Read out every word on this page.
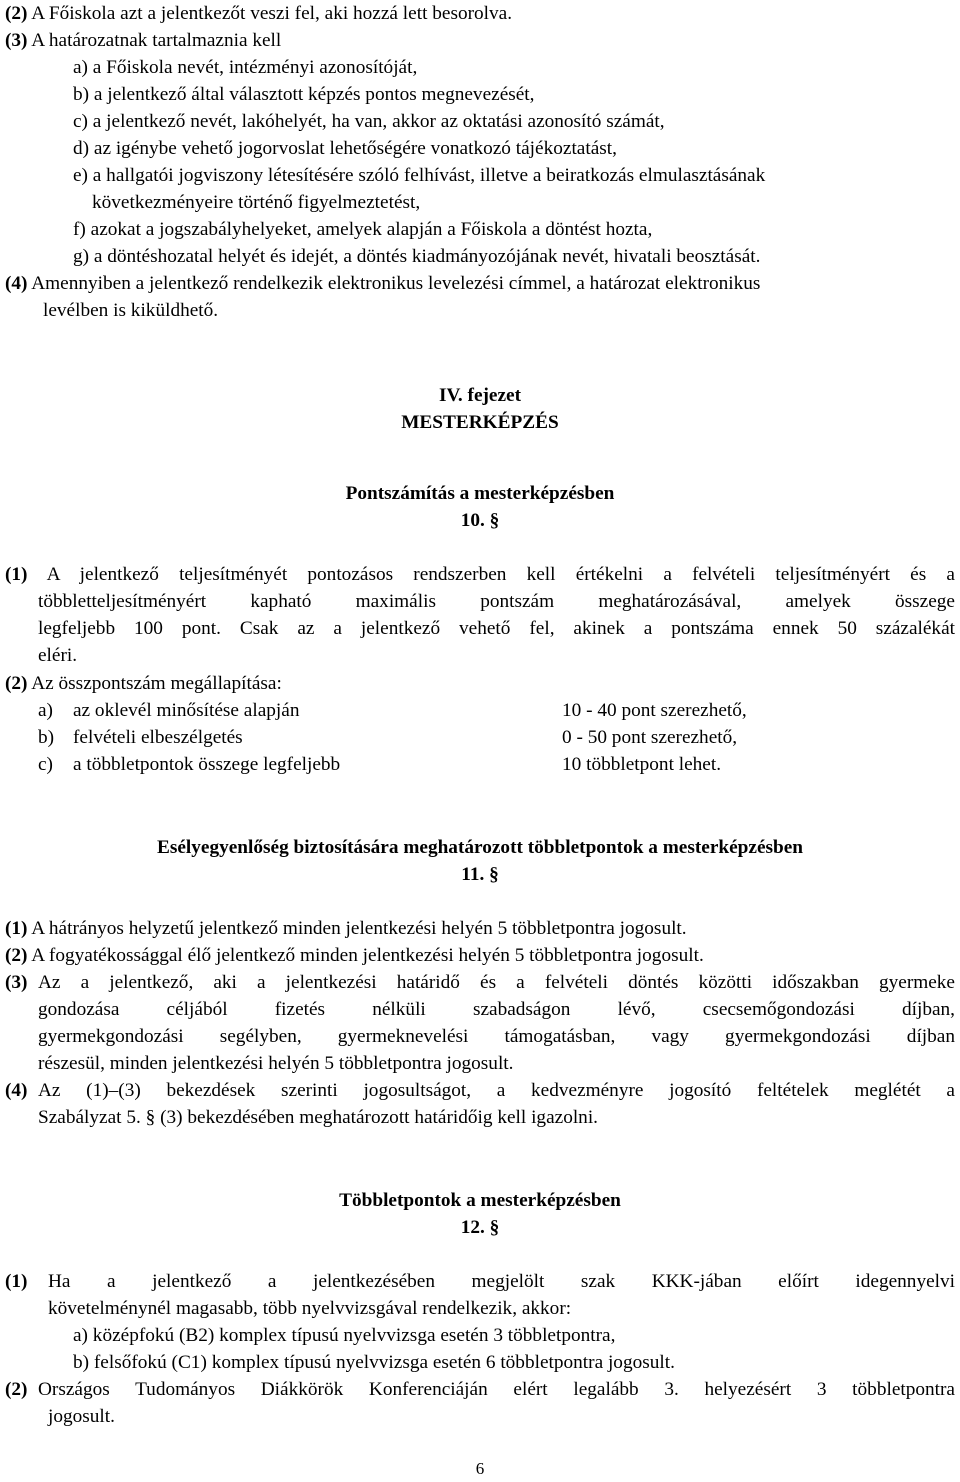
(2) A Főiskola azt a jelentkezőt veszi fel, aki hozzá lett besorolva.
(3) A határozatnak tartalmaznia kell
a) a Főiskola nevét, intézményi azonosítóját,
b) a jelentkező által választott képzés pontos megnevezését,
c) a jelentkező nevét, lakóhelyét, ha van, akkor az oktatási azonosító számát,
d) az igénybe vehető jogorvoslat lehetőségére vonatkozó tájékoztatást,
e) a hallgatói jogviszony létesítésére szóló felhívást, illetve a beiratkozás elmulasztásának
következményeire történő figyelmeztetést,
f) azokat a jogszabályhelyeket, amelyek alapján a Főiskola a döntést hozta,
g) a döntéshozatal helyét és idejét, a döntés kiadmányozójának nevét, hivatali beosztását.
(4) Amennyiben a jelentkező rendelkezik elektronikus levelezési címmel, a határozat elektronikus
levélben is kiküldhető.
IV. fejezet
MESTERKÉPZÉS
Pontszámítás a mesterképzésben
10. §
(1) A jelentkező teljesítményét pontozásos rendszerben kell értékelni a felvételi teljesítményért és a
többletteljesítményért kapható maximális pontszám meghatározásával, amelyek összege
legfeljebb 100 pont. Csak az a jelentkező vehető fel, akinek a pontszáma ennek 50 százalékát
eléri.
(2) Az összpontszám megállapítása:
a) az oklevél minősítése alapján	10 - 40 pont szerezhető,
b) felvételi elbeszélgetés	0 - 50 pont szerezhető,
c) a többletpontok összege legfeljebb	10 többletpont lehet.
Esélyegyenlőség biztosítására meghatározott többletpontok a mesterképzésben
11. §
(1) A hátrányos helyzetű jelentkező minden jelentkezési helyén 5 többletpontra jogosult.
(2) A fogyatékossággal élő jelentkező minden jelentkezési helyén 5 többletpontra jogosult.
(3) Az a jelentkező, aki a jelentkezési határidő és a felvételi döntés közötti időszakban gyermeke
gondozása céljából fizetés nélküli szabadságon lévő, csecsemőgondozási díjban,
gyermekgondozási segélyben, gyermeknevelési támogatásban, vagy gyermekgondozási díjban
részesül, minden jelentkezési helyén 5 többletpontra jogosult.
(4) Az (1)–(3) bekezdések szerinti jogosultságot, a kedvezményre jogosító feltételek meglétét a
Szabályzat 5. § (3) bekezdésében meghatározott határidőig kell igazolni.
Többletpontok a mesterképzésben
12. §
(1) Ha a jelentkező a jelentkezésében megjelölt szak KKK-jában előírt idegennyelvi
követelménynél magasabb, több nyelvvizsgával rendelkezik, akkor:
a) középfokú (B2) komplex típusú nyelvvizsga esetén 3 többletpontra,
b) felsőfokú (C1) komplex típusú nyelvvizsga esetén 6 többletpontra jogosult.
(2) Országos Tudományos Diákkörök Konferenciáján elért legalább 3. helyezésért 3 többletpontra
jogosult.
6
